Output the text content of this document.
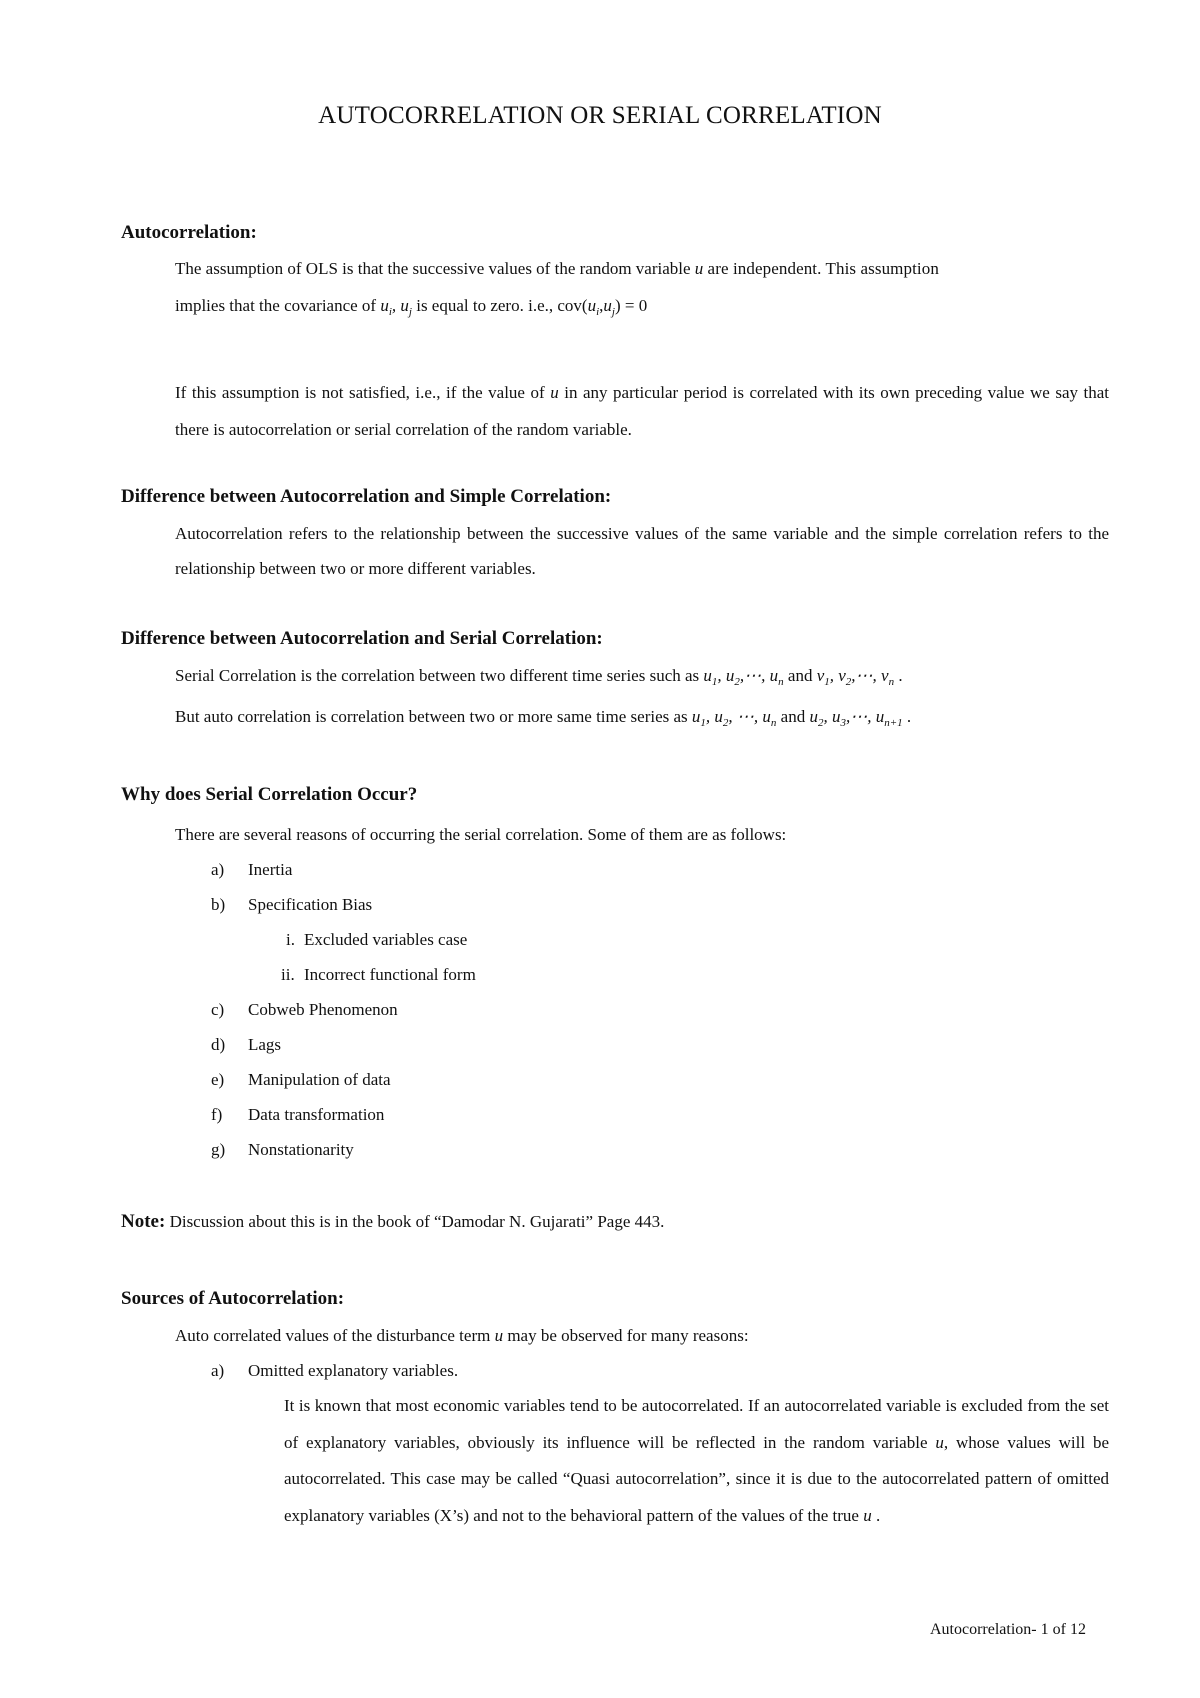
AUTOCORRELATION OR SERIAL CORRELATION
Autocorrelation:
The assumption of OLS is that the successive values of the random variable u are independent. This assumption
implies that the covariance of $u_i$, $u_j$ is equal to zero. i.e., $cov(u_i,u_j) = 0$
If this assumption is not satisfied, i.e., if the value of u in any particular period is correlated with its own preceding value we say that there is autocorrelation or serial correlation of the random variable.
Difference between Autocorrelation and Simple Correlation:
Autocorrelation refers to the relationship between the successive values of the same variable and the simple correlation refers to the relationship between two or more different variables.
Difference between Autocorrelation and Serial Correlation:
Serial Correlation is the correlation between two different time series such as $u_1$, $u_2,\cdots$, $u_n$ and $v_1$, $v_2,\cdots$, $v_n$ .
But auto correlation is correlation between two or more same time series as $u_1$, $u_2$, ⋯, $u_n$ and $u_2$, $u_3,\cdots$, $u_{n+1}$ .
Why does Serial Correlation Occur?
There are several reasons of occurring the serial correlation. Some of them are as follows:
a) Inertia
b) Specification Bias
i. Excluded variables case
ii. Incorrect functional form
c) Cobweb Phenomenon
d) Lags
e) Manipulation of data
f) Data transformation
g) Nonstationarity
Note: Discussion about this is in the book of “Damodar N. Gujarati” Page 443.
Sources of Autocorrelation:
Auto correlated values of the disturbance term u may be observed for many reasons:
a) Omitted explanatory variables.
It is known that most economic variables tend to be autocorrelated. If an autocorrelated variable is excluded from the set of explanatory variables, obviously its influence will be reflected in the random variable u, whose values will be autocorrelated. This case may be called “Quasi autocorrelation”, since it is due to the autocorrelated pattern of omitted explanatory variables (X’s) and not to the behavioral pattern of the values of the true u .
Autocorrelation- 1 of 12
